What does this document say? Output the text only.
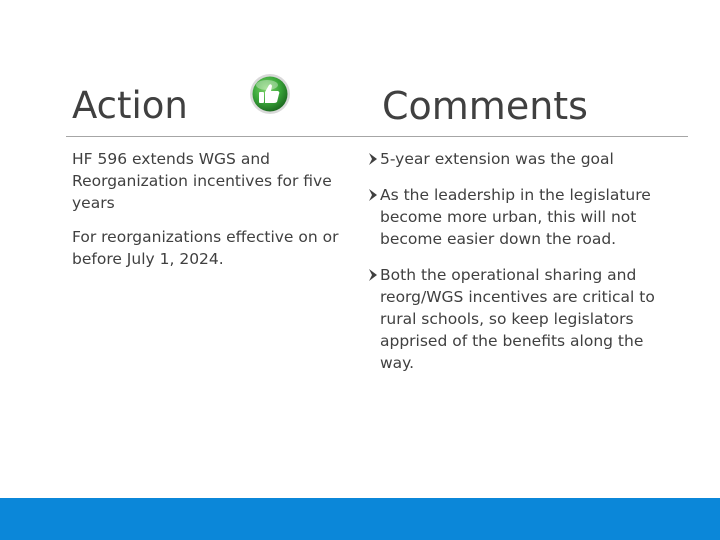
Action	Comments

HF 596 extends WGS and Reorganization incentives for five years

For reorganizations effective on or before July 1, 2024.

5-year extension was the goal
As the leadership in the legislature become more urban, this will not become easier down the road.
Both the operational sharing and reorg/WGS incentives are critical to rural schools, so keep legislators apprised of the benefits along the way.
